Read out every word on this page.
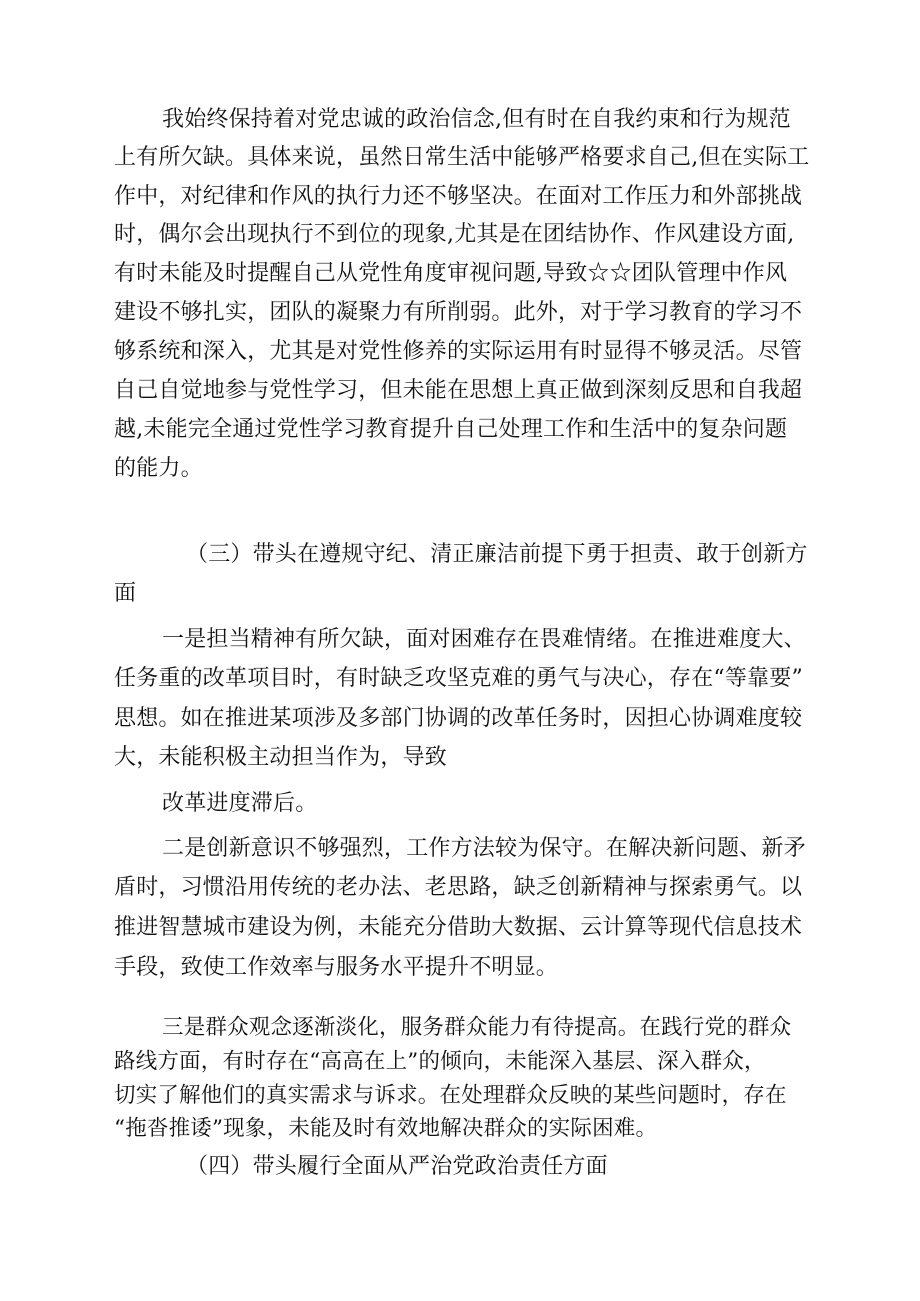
我始终保持着对党忠诚的政治信念,但有时在自我约束和行为规范
上有所欠缺。具体来说，虽然日常生活中能够严格要求自己,但在实际工
作中，对纪律和作风的执行力还不够坚决。在面对工作压力和外部挑战
时，偶尔会出现执行不到位的现象,尤其是在团结协作、作风建设方面,
有时未能及时提醒自己从党性角度审视问题,导致☆☆团队管理中作风
建设不够扎实，团队的凝聚力有所削弱。此外，对于学习教育的学习不
够系统和深入，尤其是对党性修养的实际运用有时显得不够灵活。尽管
自己自觉地参与党性学习，但未能在思想上真正做到深刻反思和自我超
越,未能完全通过党性学习教育提升自己处理工作和生活中的复杂问题
的能力。
（三）带头在遵规守纪、清正廉洁前提下勇于担责、敢于创新方
面
一是担当精神有所欠缺，面对困难存在畏难情绪。在推进难度大、
任务重的改革项目时，有时缺乏攻坚克难的勇气与决心，存在“等靠要”
思想。如在推进某项涉及多部门协调的改革任务时，因担心协调难度较
大，未能积极主动担当作为，导致
改革进度滞后。
二是创新意识不够强烈，工作方法较为保守。在解决新问题、新矛
盾时，习惯沿用传统的老办法、老思路，缺乏创新精神与探索勇气。以
推进智慧城市建设为例，未能充分借助大数据、云计算等现代信息技术
手段，致使工作效率与服务水平提升不明显。
三是群众观念逐渐淡化，服务群众能力有待提高。在践行党的群众
路线方面，有时存在“高高在上”的倾向，未能深入基层、深入群众，
切实了解他们的真实需求与诉求。在处理群众反映的某些问题时，存在
“拖沓推诿”现象，未能及时有效地解决群众的实际困难。
（四）带头履行全面从严治党政治责任方面
